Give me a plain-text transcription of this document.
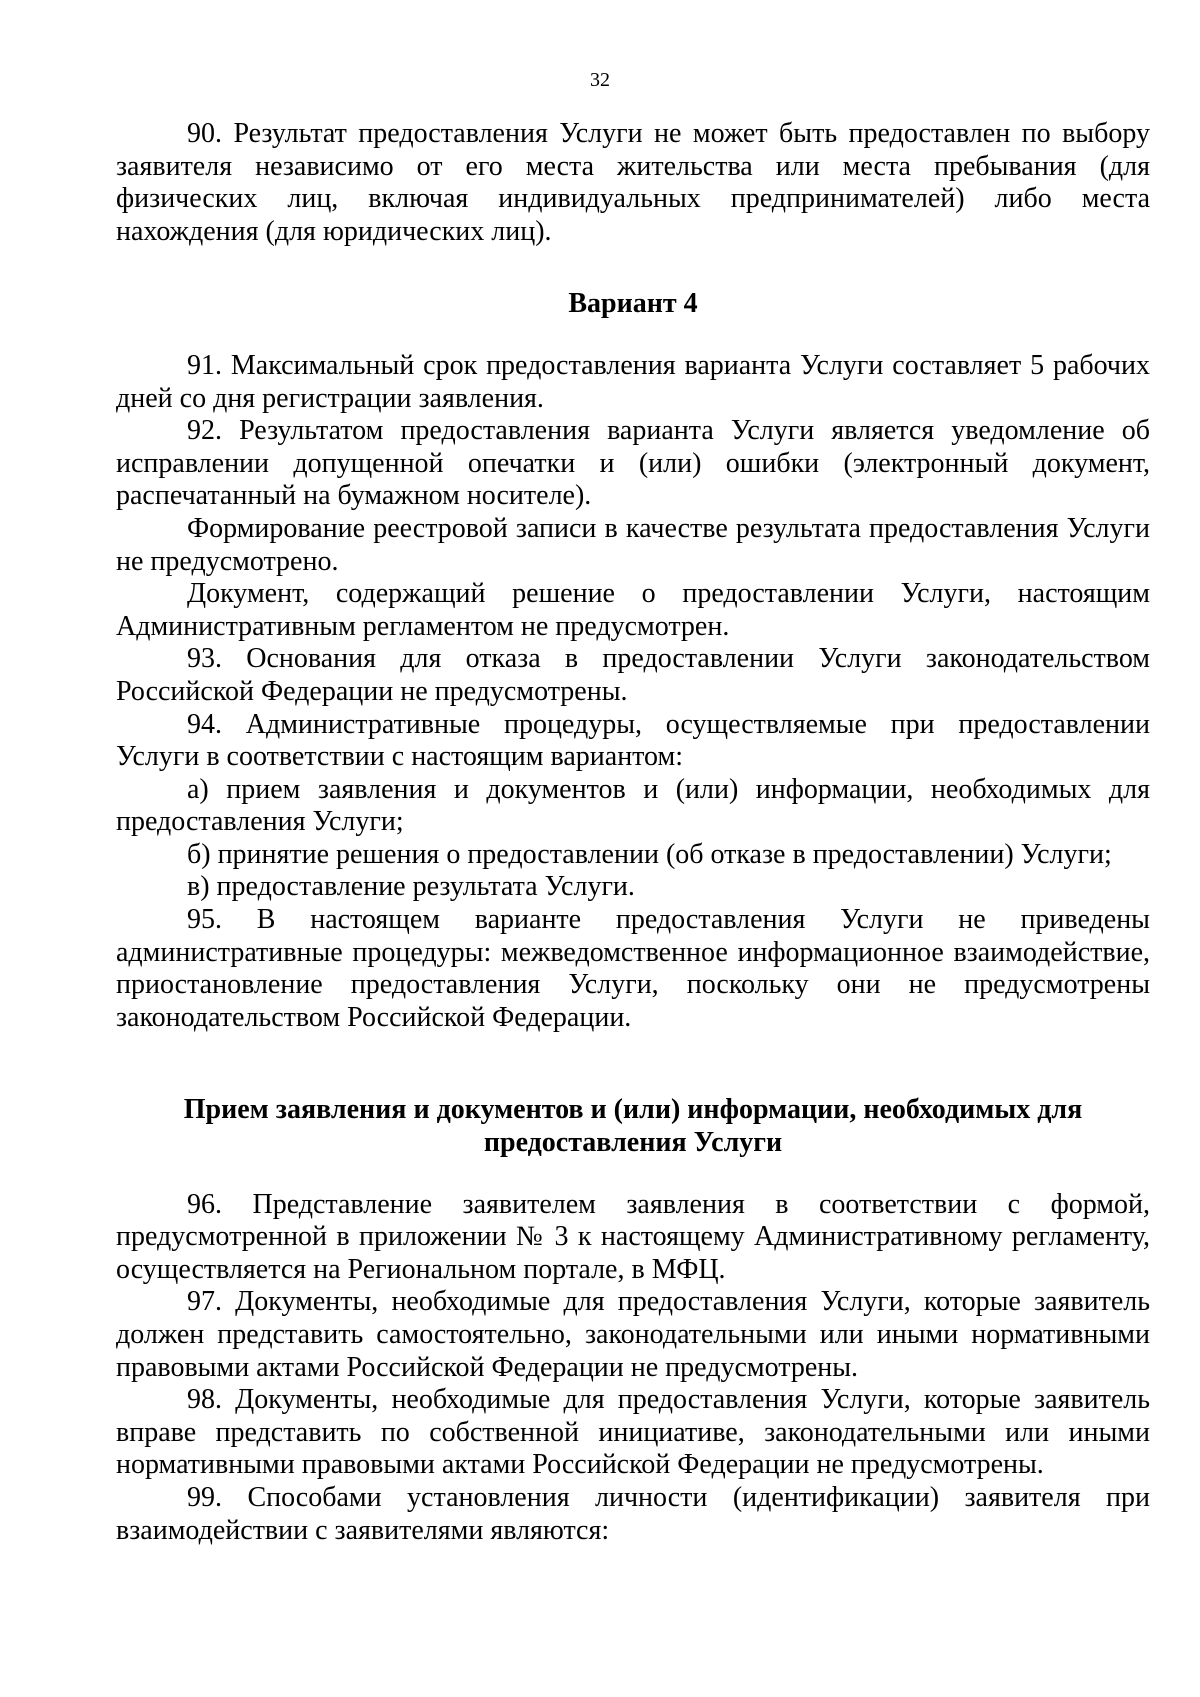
32

90. Результат предоставления Услуги не может быть предоставлен по выбору заявителя независимо от его места жительства или места пребывания (для физических лиц, включая индивидуальных предпринимателей) либо места нахождения (для юридических лиц).

Вариант 4

91. Максимальный срок предоставления варианта Услуги составляет 5 рабочих дней со дня регистрации заявления.

92. Результатом предоставления варианта Услуги является уведомление об исправлении допущенной опечатки и (или) ошибки (электронный документ, распечатанный на бумажном носителе).

Формирование реестровой записи в качестве результата предоставления Услуги не предусмотрено.

Документ, содержащий решение о предоставлении Услуги, настоящим Административным регламентом не предусмотрен.

93. Основания для отказа в предоставлении Услуги законодательством Российской Федерации не предусмотрены.

94. Административные процедуры, осуществляемые при предоставлении Услуги в соответствии с настоящим вариантом:

а) прием заявления и документов и (или) информации, необходимых для предоставления Услуги;

б) принятие решения о предоставлении (об отказе в предоставлении) Услуги;

в) предоставление результата Услуги.

95. В настоящем варианте предоставления Услуги не приведены административные процедуры: межведомственное информационное взаимодействие, приостановление предоставления Услуги, поскольку они не предусмотрены законодательством Российской Федерации.

Прием заявления и документов и (или) информации, необходимых для
предоставления Услуги

96. Представление заявителем заявления в соответствии с формой, предусмотренной в приложении № 3 к настоящему Административному регламенту, осуществляется на Региональном портале, в МФЦ.

97. Документы, необходимые для предоставления Услуги, которые заявитель должен представить самостоятельно, законодательными или иными нормативными правовыми актами Российской Федерации не предусмотрены.

98. Документы, необходимые для предоставления Услуги, которые заявитель вправе представить по собственной инициативе, законодательными или иными нормативными правовыми актами Российской Федерации не предусмотрены.

99. Способами установления личности (идентификации) заявителя при взаимодействии с заявителями являются:
